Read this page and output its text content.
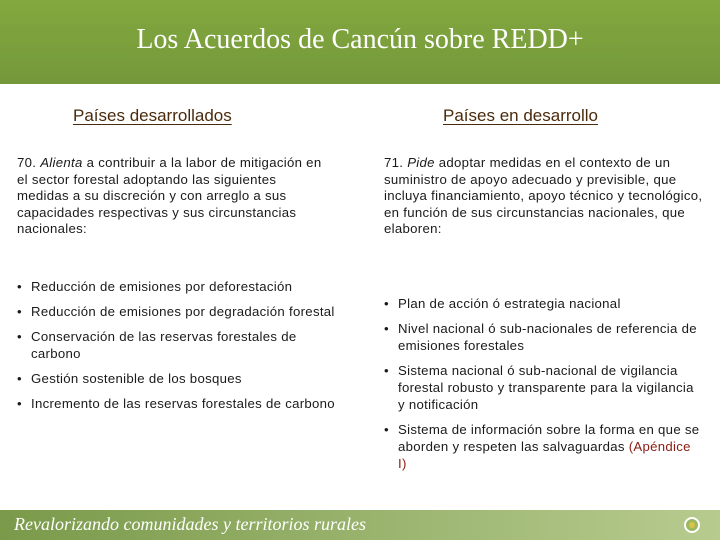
Los Acuerdos de Cancún sobre REDD+
Países desarrollados	Países en desarrollo
70. Alienta a contribuir a la labor de mitigación en el sector forestal adoptando las siguientes medidas a su discreción y con arreglo a sus capacidades respectivas y sus circunstancias nacionales:
71. Pide adoptar medidas en el contexto de un suministro de apoyo adecuado y previsible, que incluya financiamiento, apoyo técnico y tecnológico, en función de sus circunstancias nacionales, que elaboren:
• Reducción de emisiones por deforestación
• Reducción de emisiones por degradación forestal
• Conservación de las reservas forestales de carbono
• Gestión sostenible de los bosques
• Incremento de las reservas forestales de carbono
• Plan de acción ó estrategia nacional
• Nivel nacional ó sub-nacionales de referencia de emisiones forestales
• Sistema nacional ó sub-nacional de vigilancia forestal robusto y transparente para la vigilancia y notificación
• Sistema de información sobre la forma en que se aborden y respeten las salvaguardas (Apéndice I)
Revalorizando comunidades y territorios rurales
